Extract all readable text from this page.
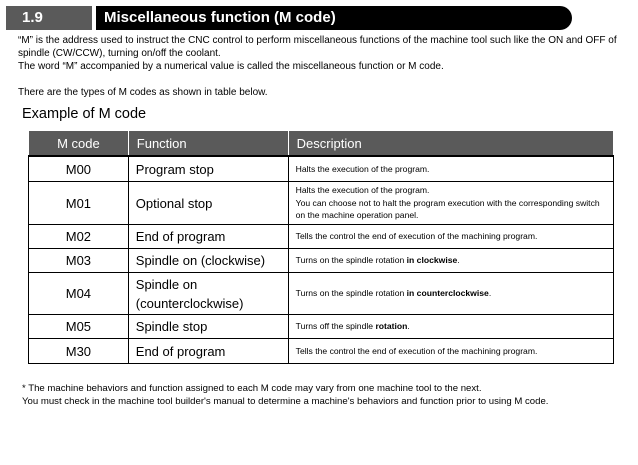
1.9	Miscellaneous function (M code)

“M” is the address used to instruct the CNC control to perform miscellaneous functions of the machine tool such like the ON and OFF of spindle (CW/CCW), turning on/off the coolant.

The word “M” accompanied by a numerical value is called the miscellaneous function or M code.

There are the types of M codes as shown in table below.

Example of M code
M code	Function	Description
M00	Program stop	Halts the execution of the program.
M01	Optional stop	Halts the execution of the program.
You can choose not to halt the program execution with the corresponding switch on the machine operation panel.

M02	End of program	Tells the control the end of execution of the machining program.
M03	Spindle on (clockwise)	Turns on the spindle rotation in clockwise.
M04	Spindle on
(counterclockwise)	Turns on the spindle rotation in counterclockwise.
M05	Spindle stop	Turns off the spindle rotation.
M30	End of program	Tells the control the end of execution of the machining program.

* The machine behaviors and function assigned to each M code may vary from one machine tool to the next.

You must check in the machine tool builder's manual to determine a machine's behaviors and function prior to using M code.
